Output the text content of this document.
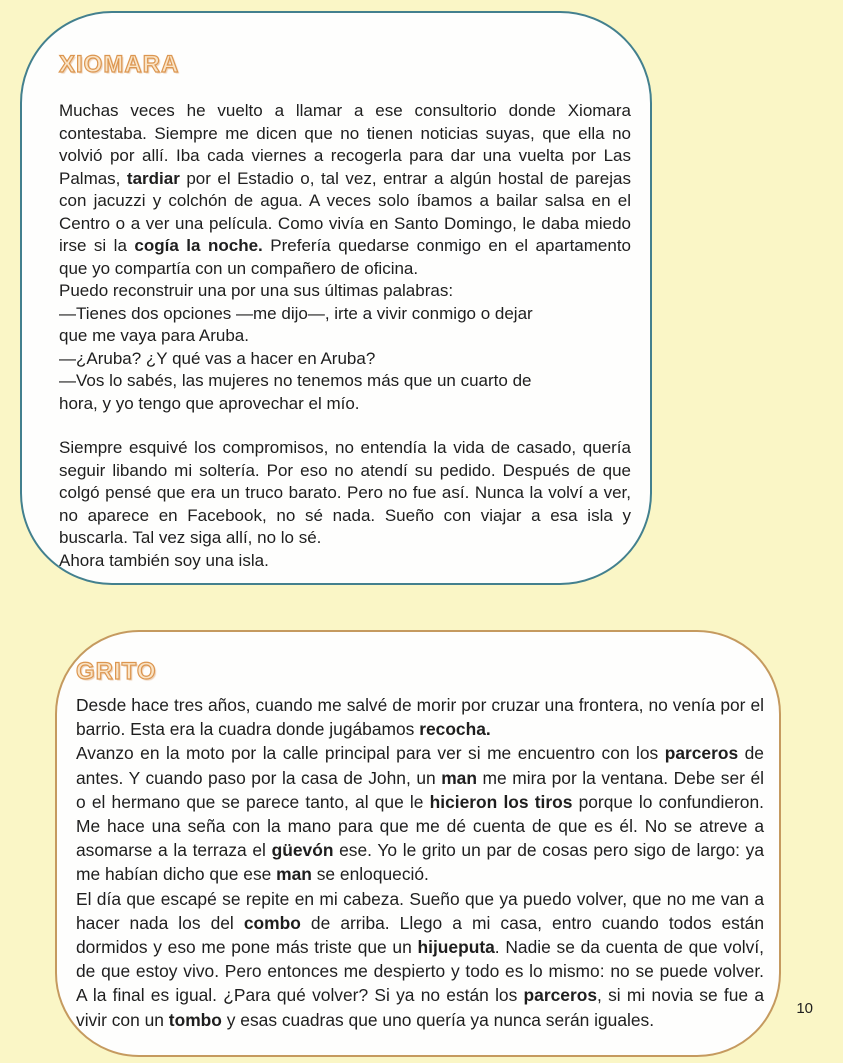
XIOMARA

Muchas veces he vuelto a llamar a ese consultorio donde Xiomara contestaba. Siempre me dicen que no tienen noticias suyas, que ella no volvió por allí. Iba cada viernes a recogerla para dar una vuelta por Las Palmas, tardiar por el Estadio o, tal vez, entrar a algún hostal de parejas con jacuzzi y colchón de agua. A veces solo íbamos a bailar salsa en el Centro o a ver una película. Como vivía en Santo Domingo, le daba miedo irse si la cogía la noche. Prefería quedarse conmigo en el apartamento que yo compartía con un compañero de oficina.

Puedo reconstruir una por una sus últimas palabras:

—Tienes dos opciones —me dijo—, irte a vivir conmigo o dejar

que me vaya para Aruba.

—¿Aruba? ¿Y qué vas a hacer en Aruba?

—Vos lo sabés, las mujeres no tenemos más que un cuarto de

hora, y yo tengo que aprovechar el mío.

Siempre esquivé los compromisos, no entendía la vida de casado, quería seguir libando mi soltería. Por eso no atendí su pedido. Después de que colgó pensé que era un truco barato. Pero no fue así. Nunca la volví a ver, no aparece en Facebook, no sé nada. Sueño con viajar a esa isla y buscarla. Tal vez siga allí, no lo sé.

Ahora también soy una isla.

GRITO

Desde hace tres años, cuando me salvé de morir por cruzar una frontera, no venía por el barrio. Esta era la cuadra donde jugábamos recocha.

Avanzo en la moto por la calle principal para ver si me encuentro con los parceros de antes. Y cuando paso por la casa de John, un man me mira por la ventana. Debe ser él o el hermano que se parece tanto, al que le hicieron los tiros porque lo confundieron. Me hace una seña con la mano para que me dé cuenta de que es él. No se atreve a asomarse a la terraza el güevón ese. Yo le grito un par de cosas pero sigo de largo: ya me habían dicho que ese man se enloqueció.

El día que escapé se repite en mi cabeza. Sueño que ya puedo volver, que no me van a hacer nada los del combo de arriba. Llego a mi casa, entro cuando todos están dormidos y eso me pone más triste que un hijueputa. Nadie se da cuenta de que volví, de que estoy vivo. Pero entonces me despierto y todo es lo mismo: no se puede volver. A la final es igual. ¿Para qué volver? Si ya no están los parceros, si mi novia se fue a vivir con un tombo y esas cuadras que uno quería ya nunca serán iguales.

10
